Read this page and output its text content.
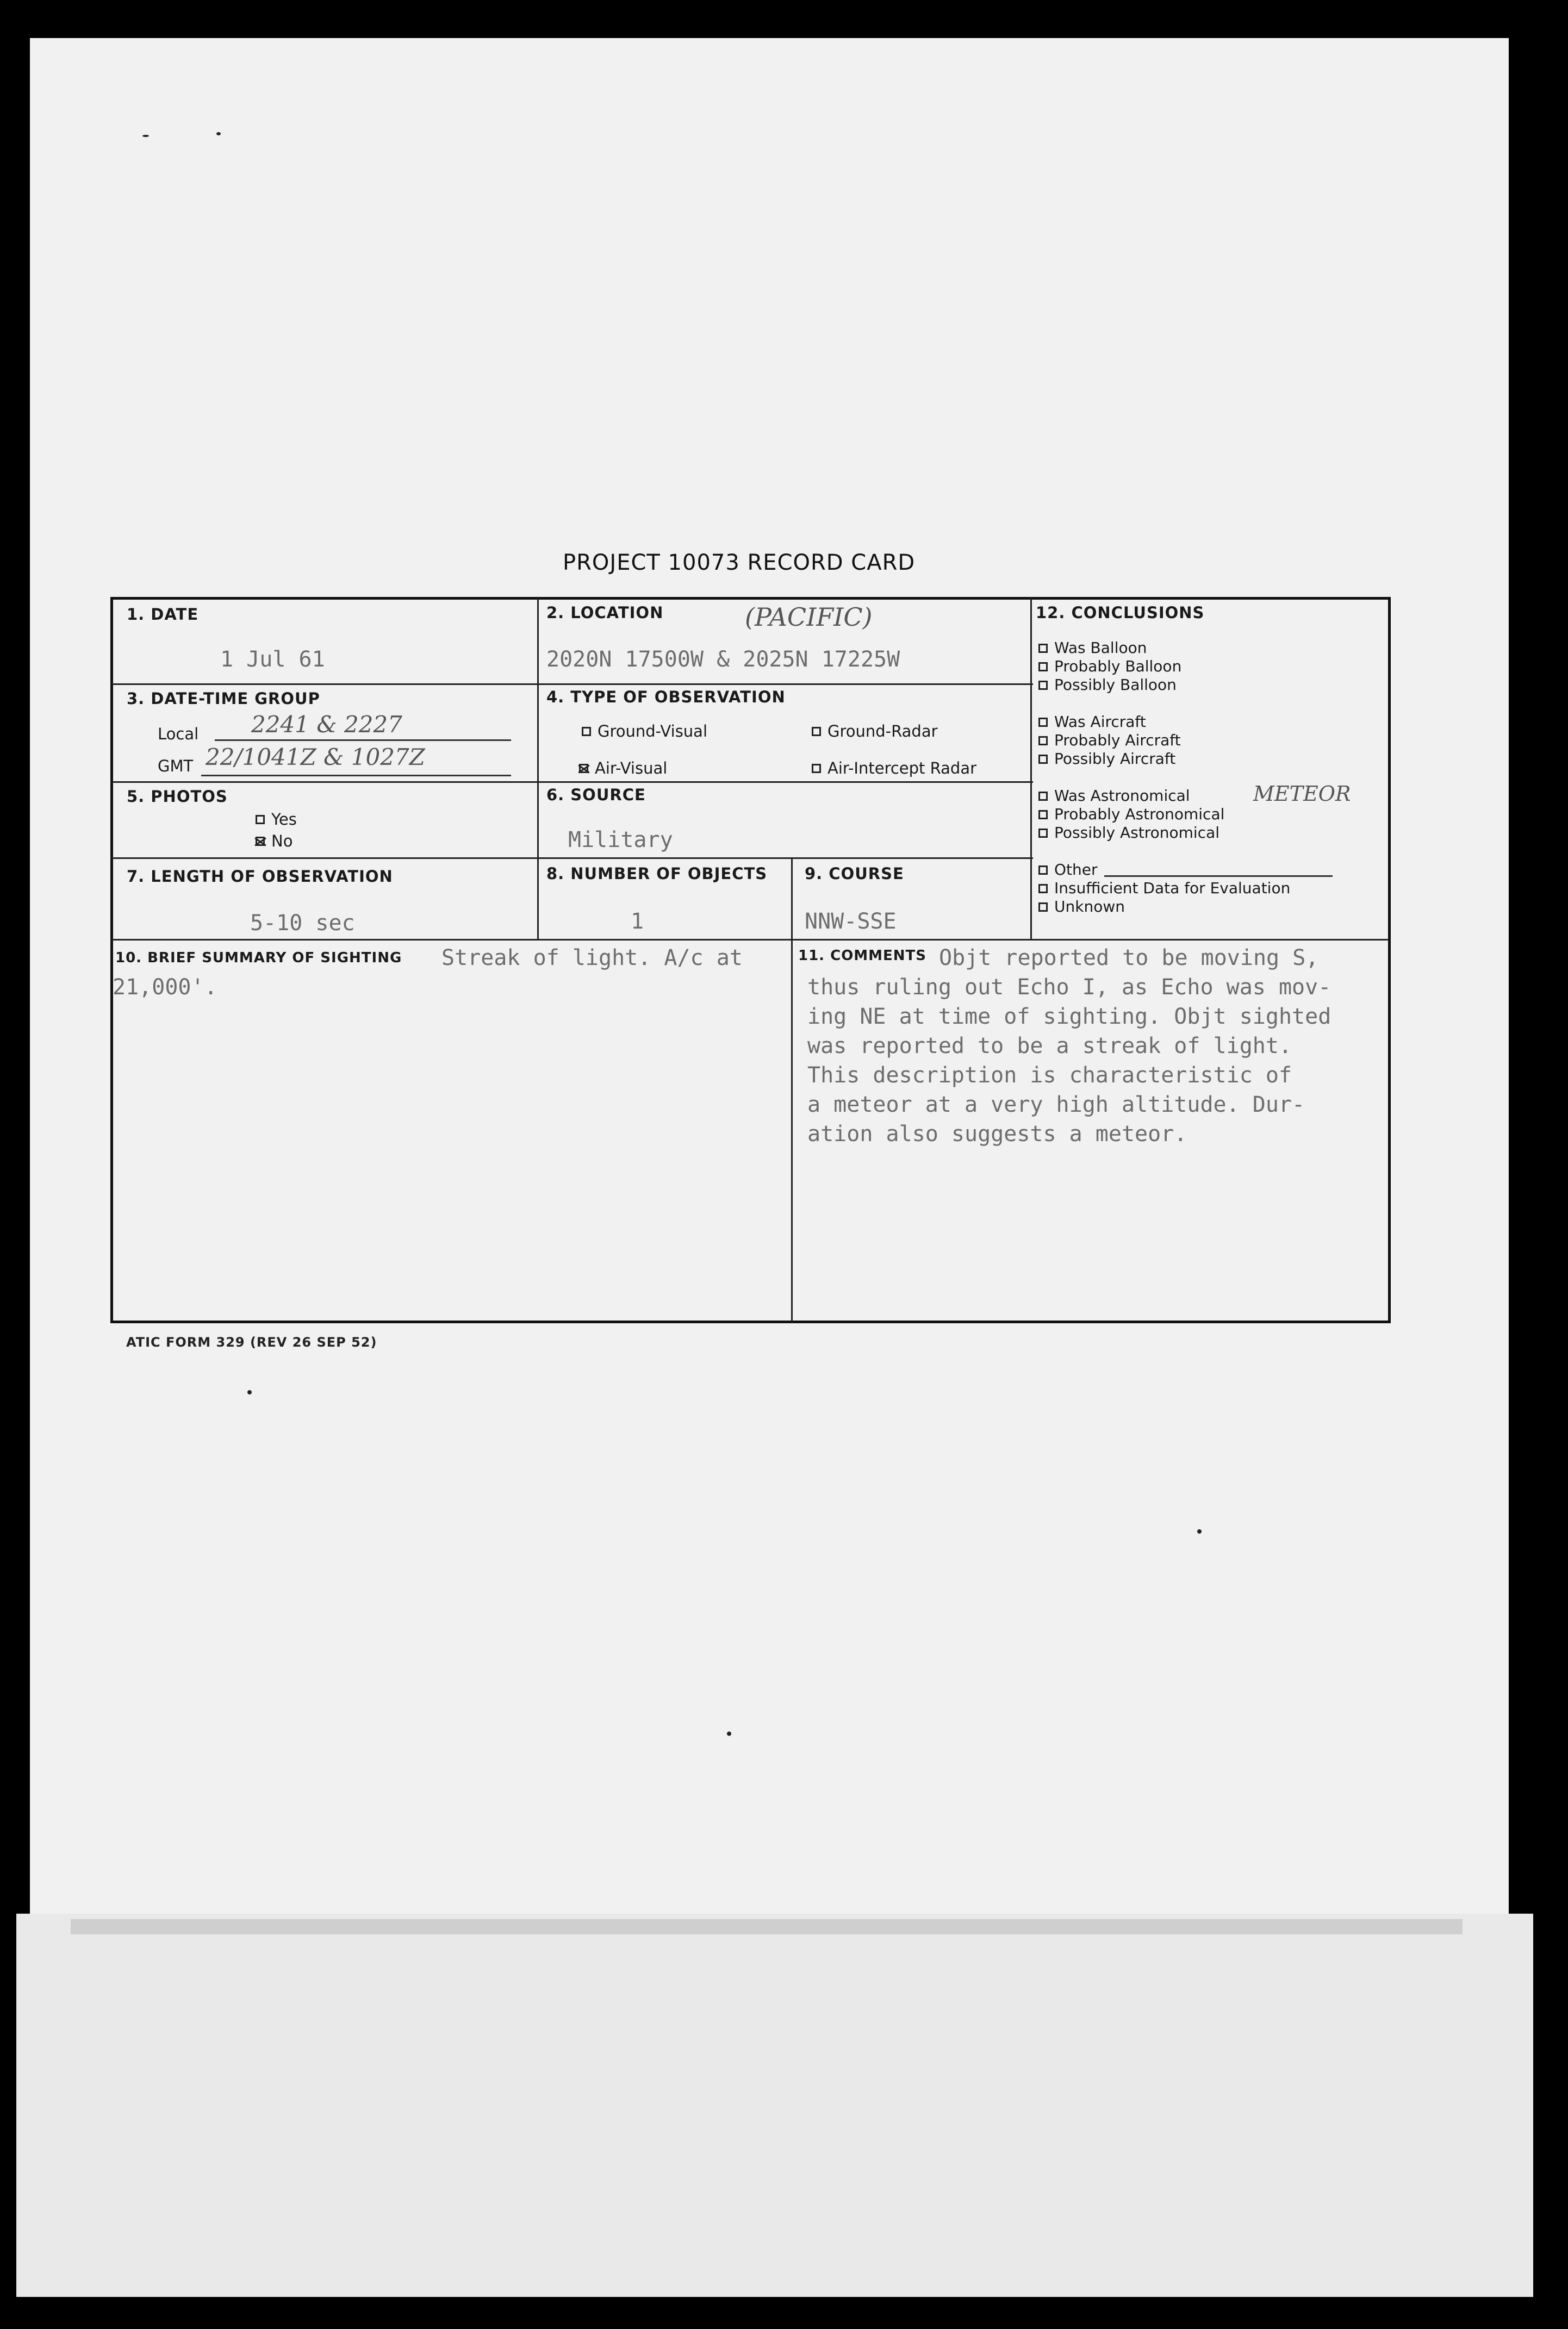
PROJECT 10073 RECORD CARD
1. DATE
1 Jul 61
2. LOCATION	(PACIFIC)
2020N 17500W & 2025N 17225W
3. DATE-TIME GROUP
Local 2241 & 2227
GMT 22/1041Z & 1027Z
4. TYPE OF OBSERVATION
Ground-Visual	Ground-Radar
Air-Visual	Air-Intercept Radar
5. PHOTOS
Yes
No
6. SOURCE
Military
7. LENGTH OF OBSERVATION
5-10 sec
8. NUMBER OF OBJECTS
1
9. COURSE
NNW-SSE
10. BRIEF SUMMARY OF SIGHTING Streak of light. A/c at
21,000'.
11. COMMENTS Objt reported to be moving S,
thus ruling out Echo I, as Echo was mov-
ing NE at time of sighting. Objt sighted
was reported to be a streak of light.
This description is characteristic of
a meteor at a very high altitude. Dur-
ation also suggests a meteor.
12. CONCLUSIONS
METEOR
Was Balloon
Probably Balloon
Possibly Balloon
Was Aircraft
Probably Aircraft
Possibly Aircraft
Was Astronomical
Probably Astronomical
Possibly Astronomical
Other
Insufficient Data for Evaluation
Unknown
ATIC FORM 329 (REV 26 SEP 52)
